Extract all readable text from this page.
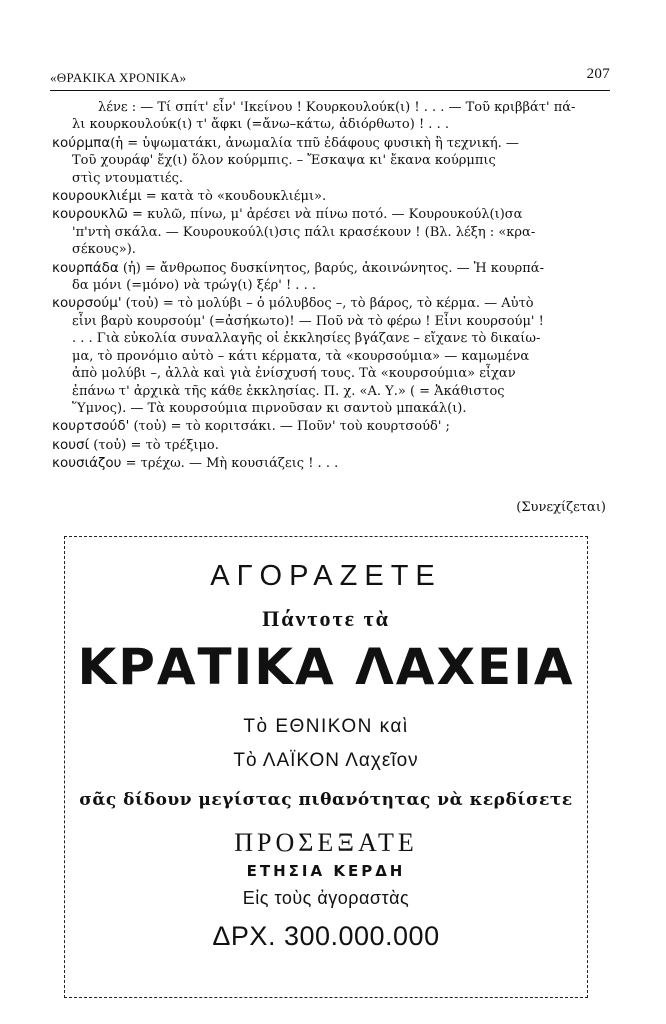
«ΘΡΑΚΙΚΑ ΧΡΟΝΙΚΑ»	207
λένε : — Τί σπίτ' εἶν' 'Ικείνου ! Κουρκουλούκ(ι) ! . . . — Τοῦ κριββάτ' πά-
λι κουρκουλούκ(ι) τ' ἄφκι (=ἄνω–κάτω, ἀδιόρθωτο) ! . . .
κούρμπα(ἡ = ὑψωματάκι, ἀνωμαλία τπῦ ἐδάφους φυσικὴ ἢ τεχνική. —
Τοῦ χουράφ' ἔχ(ι) ὅλον κούρμπις. – Ἔσκαψα κι' ἔκανα κούρμπις
στὶς ντουματιές.
κουρουκλιέμι = κατὰ τὸ «κουδουκλιέμι».
κουρουκλῶ = κυλῶ, πίνω, μ' ἀρέσει νὰ πίνω ποτό. — Κουρουκούλ(ι)σα
'π'ντὴ σκάλα. — Κουρουκούλ(ι)σις πάλι κρασέκουν ! (Βλ. λέξη : «κρα-
σέκους»).
κουρπάδα (ἡ) = ἄνθρωπος δυσκίνητος, βαρύς, ἀκοινώνητος. — Ἡ κουρπά-
δα μόνι (=μόνο) νὰ τρώγ(ι) ξέρ' ! . . .
κουρσούμ' (τοὐ) = τὸ μολύβι – ὁ μόλυβδος –, τὸ βάρος, τὸ κέρμα. — Αὐτὸ
εἶνι βαρὺ κουρσούμ' (=ἀσήκωτο)! — Ποῦ νὰ τὸ φέρω ! Εἶνι κουρσούμ' !
. . . Γιὰ εὐκολία συναλλαγῆς οἱ ἐκκλησίες βγάζανε – εἴχανε τὸ δικαίω-
μα, τὸ προνόμιο αὐτὸ – κάτι κέρματα, τὰ «κουρσούμια» — καμωμένα
ἀπὸ μολύβι –, ἀλλὰ καὶ γιὰ ἐνίσχυσή τους. Τὰ «κουρσούμια» εἶχαν
ἐπάνω τ' ἀρχικὰ τῆς κάθε ἐκκλησίας. Π. χ. «Α. Υ.» ( = Ἀκάθιστος
Ὕμνος). — Τὰ κουρσούμια πιρνοῦσαν κι σαντοὺ μπακάλ(ι).
κουρτσούδ' (τοὐ) = τὸ κοριτσάκι. — Ποῦν' τοὺ κουρτσούδ' ;
κουσί (τοὐ) = τὸ τρέξιμο.
κουσιάζου = τρέχω. — Μὴ κουσιάζεις ! . . .
(Συνεχίζεται)
ΑΓΟΡΑΖΕΤΕ
Πάντοτε τὰ
ΚΡΑΤΙΚΑ ΛΑΧΕΙΑ
Τὸ ΕΘΝΙΚΟΝ καὶ
Τὸ ΛΑΪΚΟΝ Λαχεῖον
σᾶς δίδουν μεγίστας πιθανότητας νὰ κερδίσετε
ΠΡΟΣΕΞΑΤΕ
ΕΤΗΣΙΑ ΚΕΡΔΗ
Εἰς τοὺς ἀγοραστὰς
ΔΡΧ. 300.000.000
